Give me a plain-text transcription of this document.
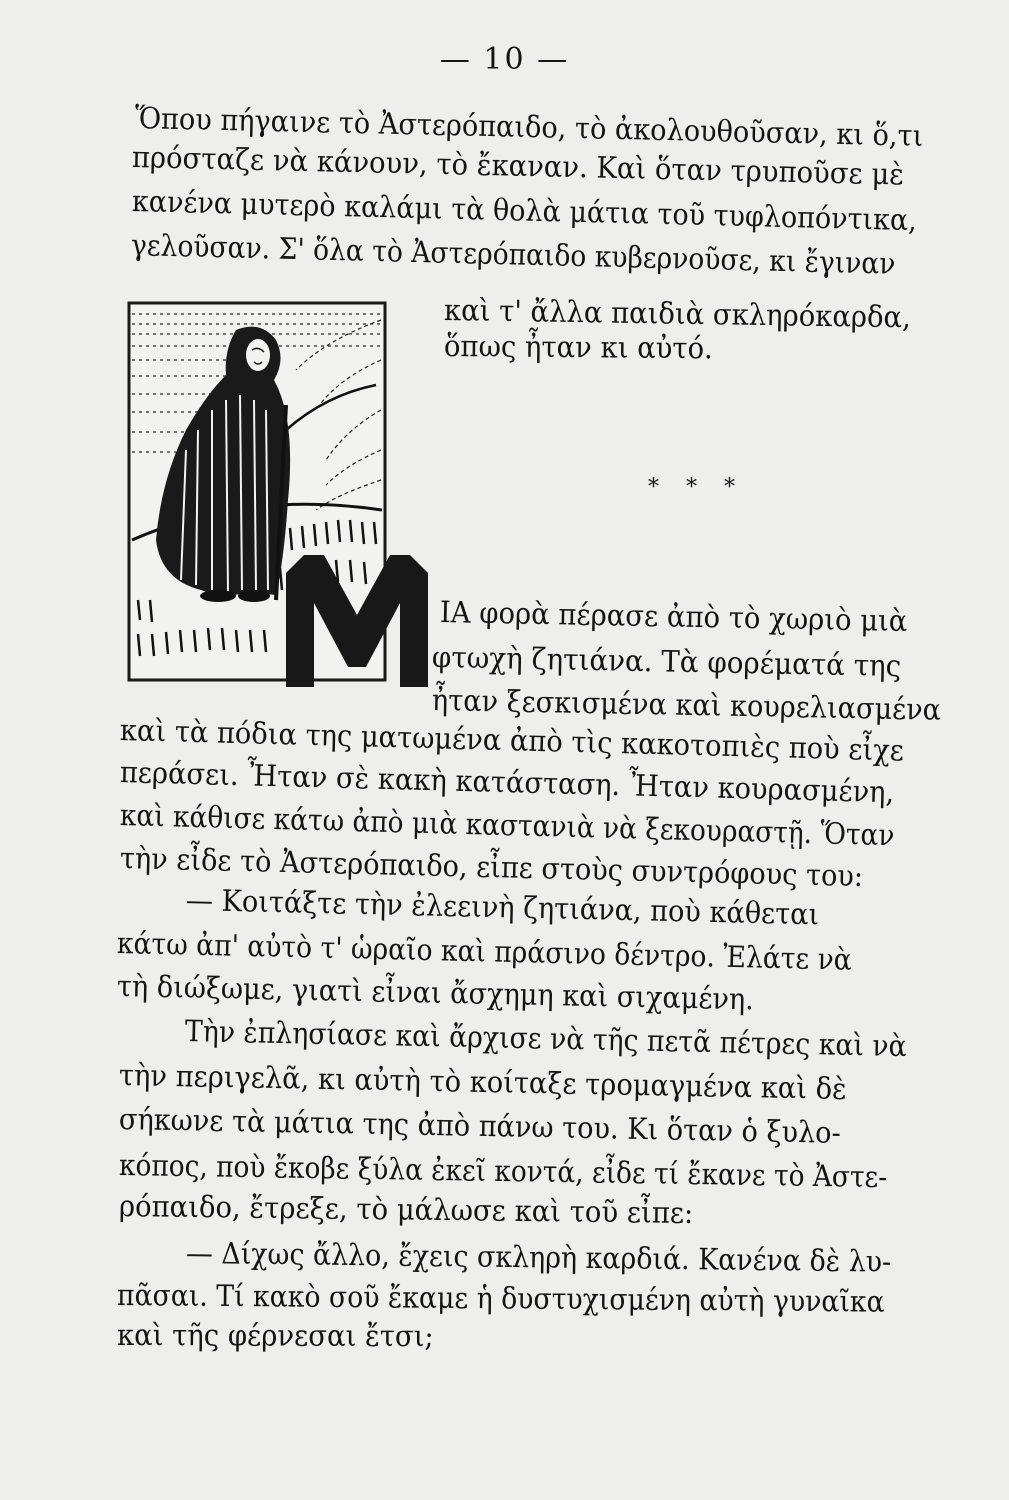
— 10 —
Ὅπου πήγαινε τὸ Ἀστερόπαιδο, τὸ ἀκολουθοῦσαν, κι ὅ,τι
πρόσταζε νὰ κάνουν, τὸ ἔκαναν. Καὶ ὅταν τρυποῦσε μὲ
κανένα μυτερὸ καλάμι τὰ θολὰ μάτια τοῦ τυφλοπόντικα,
γελοῦσαν. Σ' ὅλα τὸ Ἀστερόπαιδο κυβερνοῦσε, κι ἔγιναν
καὶ τ' ἄλλα παιδιὰ σκληρόκαρδα,
ὅπως ἦταν κι αὐτό.
* * *
ΙΑ φορὰ πέρασε ἀπὸ τὸ χωριὸ μιὰ
φτωχὴ ζητιάνα. Τὰ φορέματά της
ἦταν ξεσκισμένα καὶ κουρελιασμένα
καὶ τὰ πόδια της ματωμένα ἀπὸ τὶς κακοτοπιὲς ποὺ εἶχε
περάσει. Ἦταν σὲ κακὴ κατάσταση. Ἦταν κουρασμένη,
καὶ κάθισε κάτω ἀπὸ μιὰ καστανιὰ νὰ ξεκουραστῇ. Ὅταν
τὴν εἶδε τὸ Ἀστερόπαιδο, εἶπε στοὺς συντρόφους του:
— Κοιτάξτε τὴν ἐλεεινὴ ζητιάνα, ποὺ κάθεται
κάτω ἀπ' αὐτὸ τ' ὡραῖο καὶ πράσινο δέντρο. Ἐλάτε νὰ
τὴ διώξωμε, γιατὶ εἶναι ἄσχημη καὶ σιχαμένη.
Τὴν ἐπλησίασε καὶ ἄρχισε νὰ τῆς πετᾶ πέτρες καὶ νὰ
τὴν περιγελᾶ, κι αὐτὴ τὸ κοίταξε τρομαγμένα καὶ δὲ
σήκωνε τὰ μάτια της ἀπὸ πάνω του. Κι ὅταν ὁ ξυλο-
κόπος, ποὺ ἔκοβε ξύλα ἐκεῖ κοντά, εἶδε τί ἔκανε τὸ Ἀστε-
ρόπαιδο, ἔτρεξε, τὸ μάλωσε καὶ τοῦ εἶπε:
— Δίχως ἄλλο, ἔχεις σκληρὴ καρδιά. Κανένα δὲ λυ-
πᾶσαι. Τί κακὸ σοῦ ἔκαμε ἡ δυστυχισμένη αὐτὴ γυναῖκα
καὶ τῆς φέρνεσαι ἔτσι;
Μ
